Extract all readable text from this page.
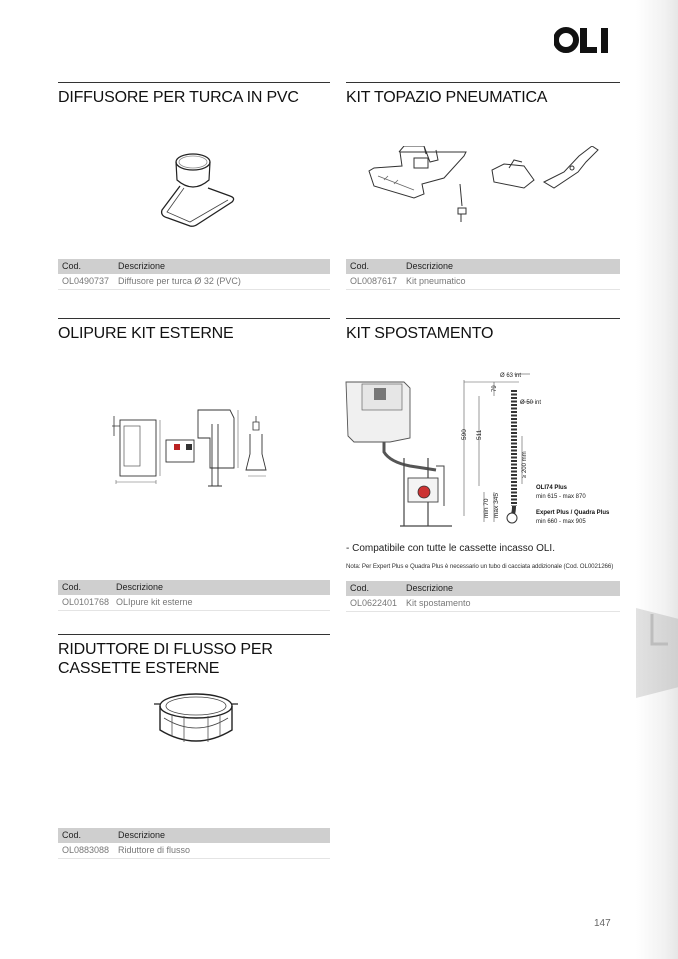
OLI
DIFFUSORE PER TURCA IN PVC
Cod.	Descrizione
OL0490737 Diffusore per turca Ø 32 (PVC)
KIT TOPAZIO PNEUMATICA
Cod.	Descrizione
OL0087617 Kit pneumatico
OLIPURE KIT ESTERNE
Cod.	Descrizione
OL0101768 OLIpure kit esterne
KIT SPOSTAMENTO
Ø 63 int
Ø 50 int
79
590 511
≥ 200 mm
min 70 max 345
OLI74 Plus
min 615 - max 870
Expert Plus / Quadra Plus
min 660 - max 905
- Compatibile con tutte le cassette incasso OLI.
Nota: Per Expert Plus e Quadra Plus è necessario un tubo di cacciata addizionale (Cod. OL0021266)
Cod.	Descrizione
OL0622401 Kit spostamento
RIDUTTORE DI FLUSSO PER
CASSETTE ESTERNE
Cod.	Descrizione
OL0883088 Riduttore di flusso
147
